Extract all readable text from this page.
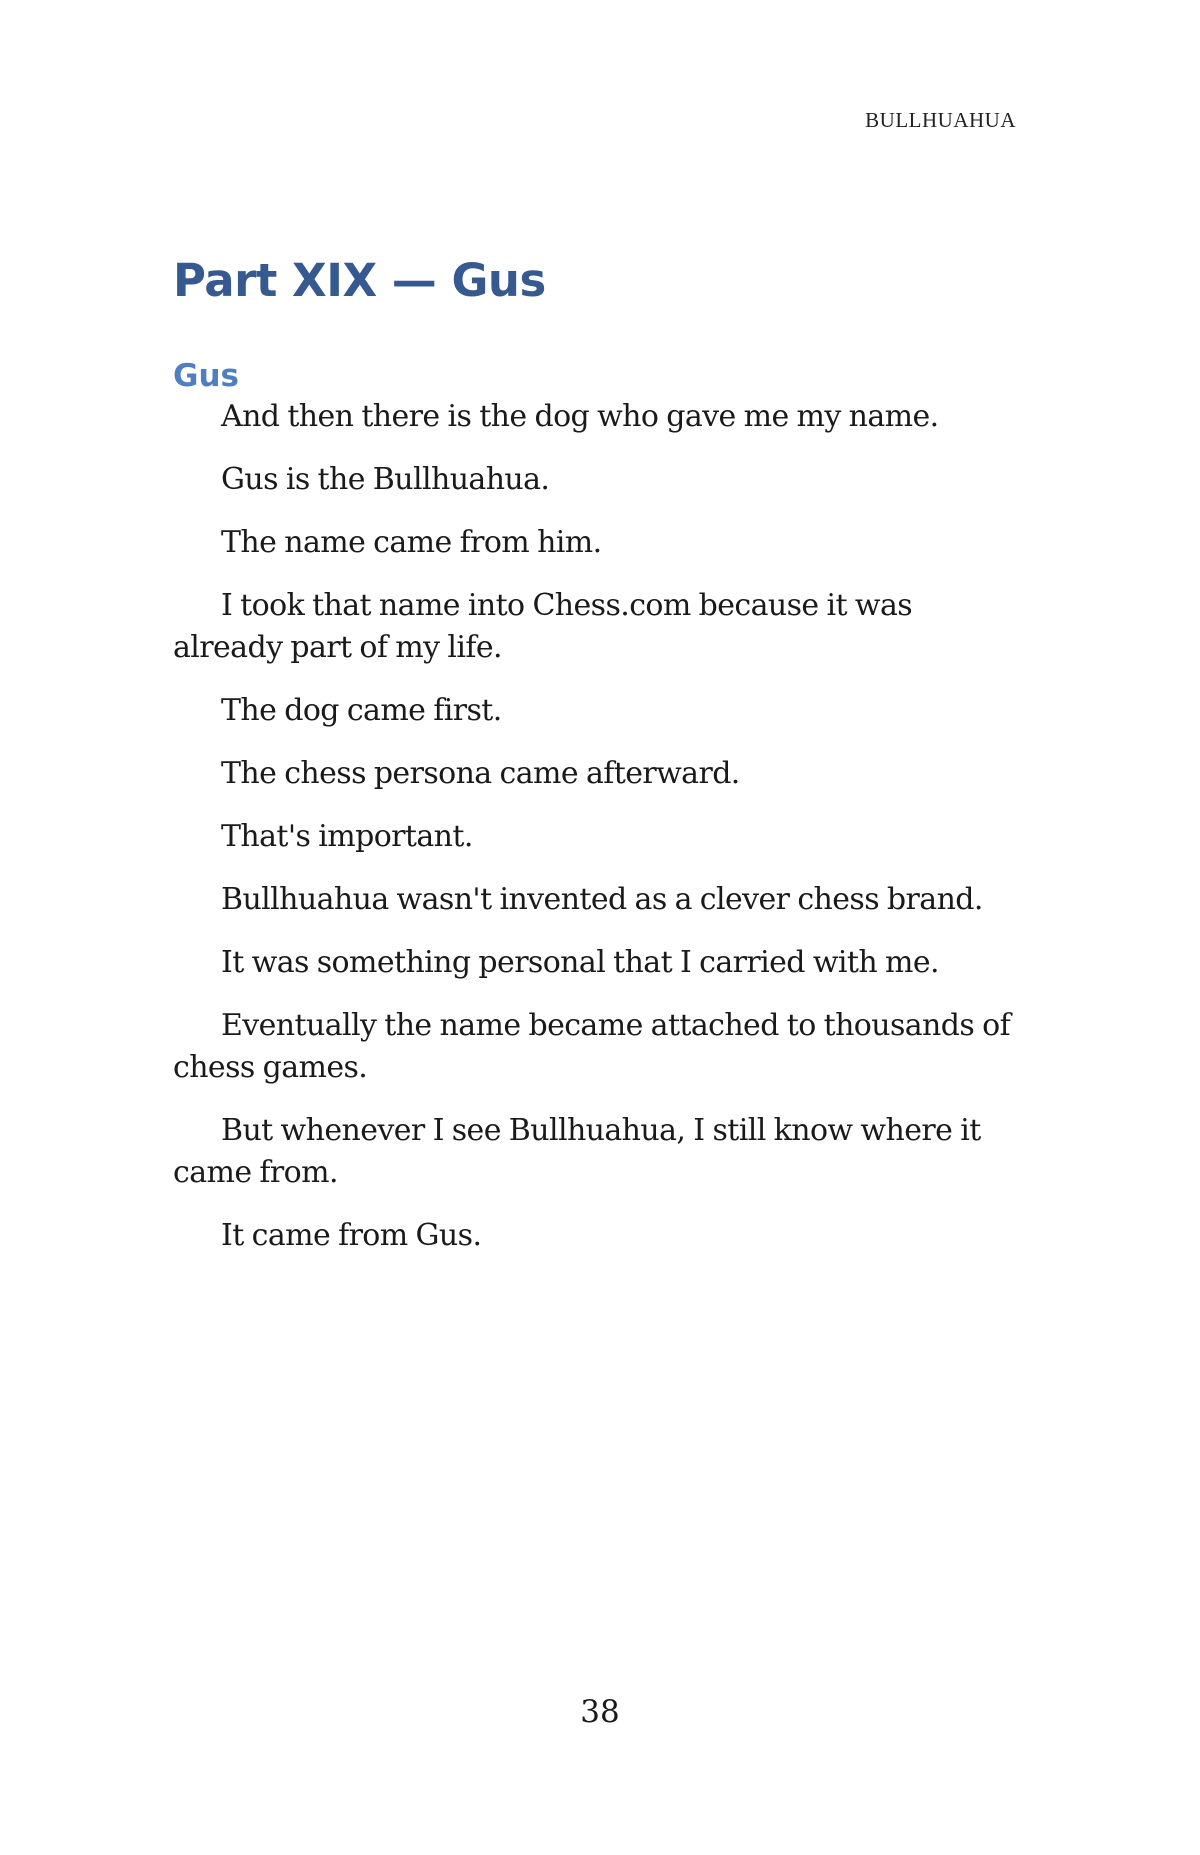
BULLHUAHUA

Part XIX — Gus
Gus

And then there is the dog who gave me my name.

Gus is the Bullhuahua.

The name came from him.

I took that name into Chess.com because it was already part of my life.

The dog came first.

The chess persona came afterward.

That's important.

Bullhuahua wasn't invented as a clever chess brand.

It was something personal that I carried with me.

Eventually the name became attached to thousands of chess games.

But whenever I see Bullhuahua, I still know where it came from.

It came from Gus.

38
